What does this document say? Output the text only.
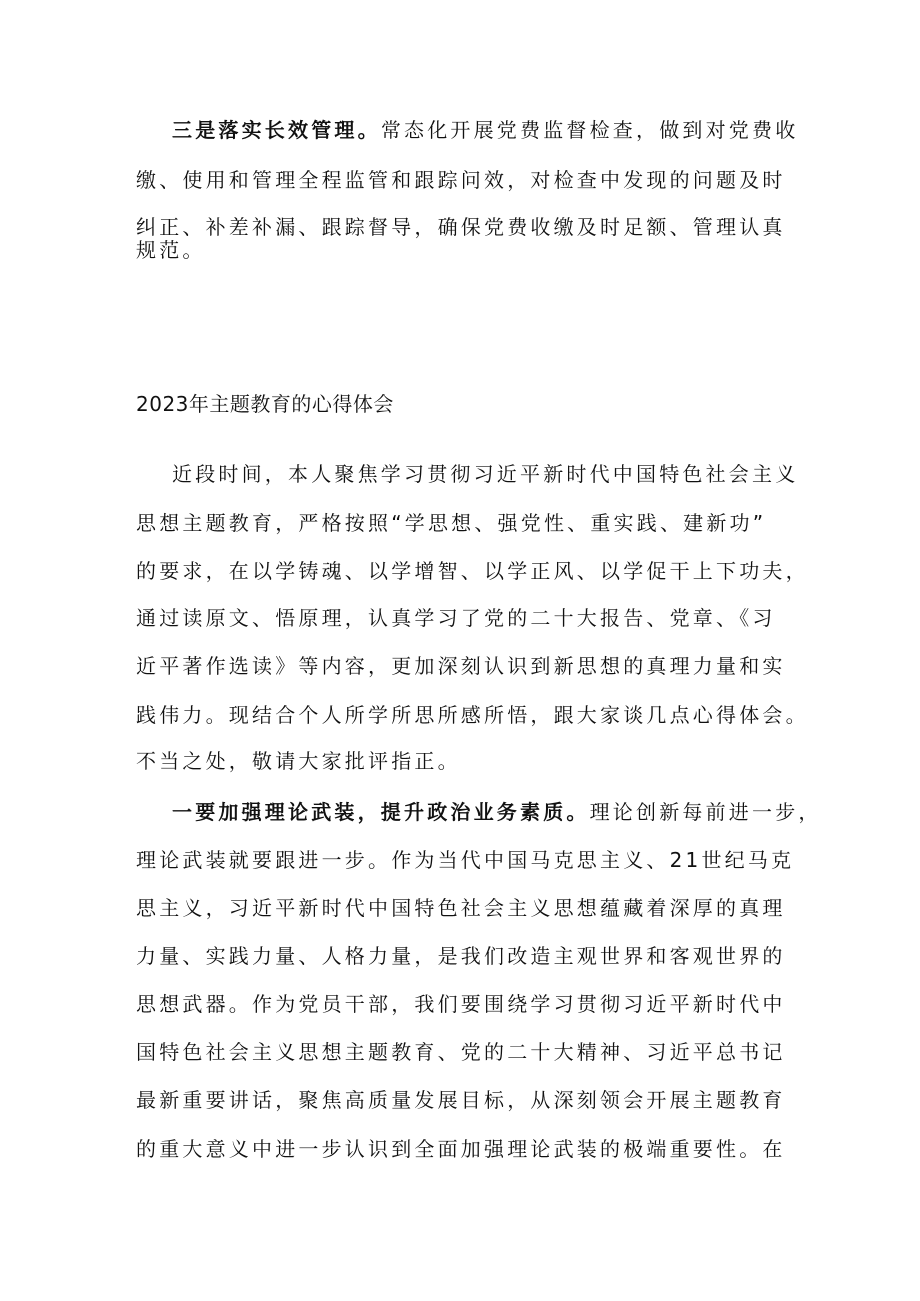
三是落实长效管理。常态化开展党费监督检查，做到对党费收
缴、使用和管理全程监管和跟踪问效，对检查中发现的问题及时
纠正、补差补漏、跟踪督导，确保党费收缴及时足额、管理认真
规范。
2023年主题教育的心得体会
近段时间，本人聚焦学习贯彻习近平新时代中国特色社会主义
思想主题教育，严格按照“学思想、强党性、重实践、建新功”
的要求，在以学铸魂、以学增智、以学正风、以学促干上下功夫，
通过读原文、悟原理，认真学习了党的二十大报告、党章、《习
近平著作选读》等内容，更加深刻认识到新思想的真理力量和实
践伟力。现结合个人所学所思所感所悟，跟大家谈几点心得体会。
不当之处，敬请大家批评指正。
一要加强理论武装，提升政治业务素质。理论创新每前进一步，
理论武装就要跟进一步。作为当代中国马克思主义、21世纪马克
思主义，习近平新时代中国特色社会主义思想蕴藏着深厚的真理
力量、实践力量、人格力量，是我们改造主观世界和客观世界的
思想武器。作为党员干部，我们要围绕学习贯彻习近平新时代中
国特色社会主义思想主题教育、党的二十大精神、习近平总书记
最新重要讲话，聚焦高质量发展目标，从深刻领会开展主题教育
的重大意义中进一步认识到全面加强理论武装的极端重要性。在
